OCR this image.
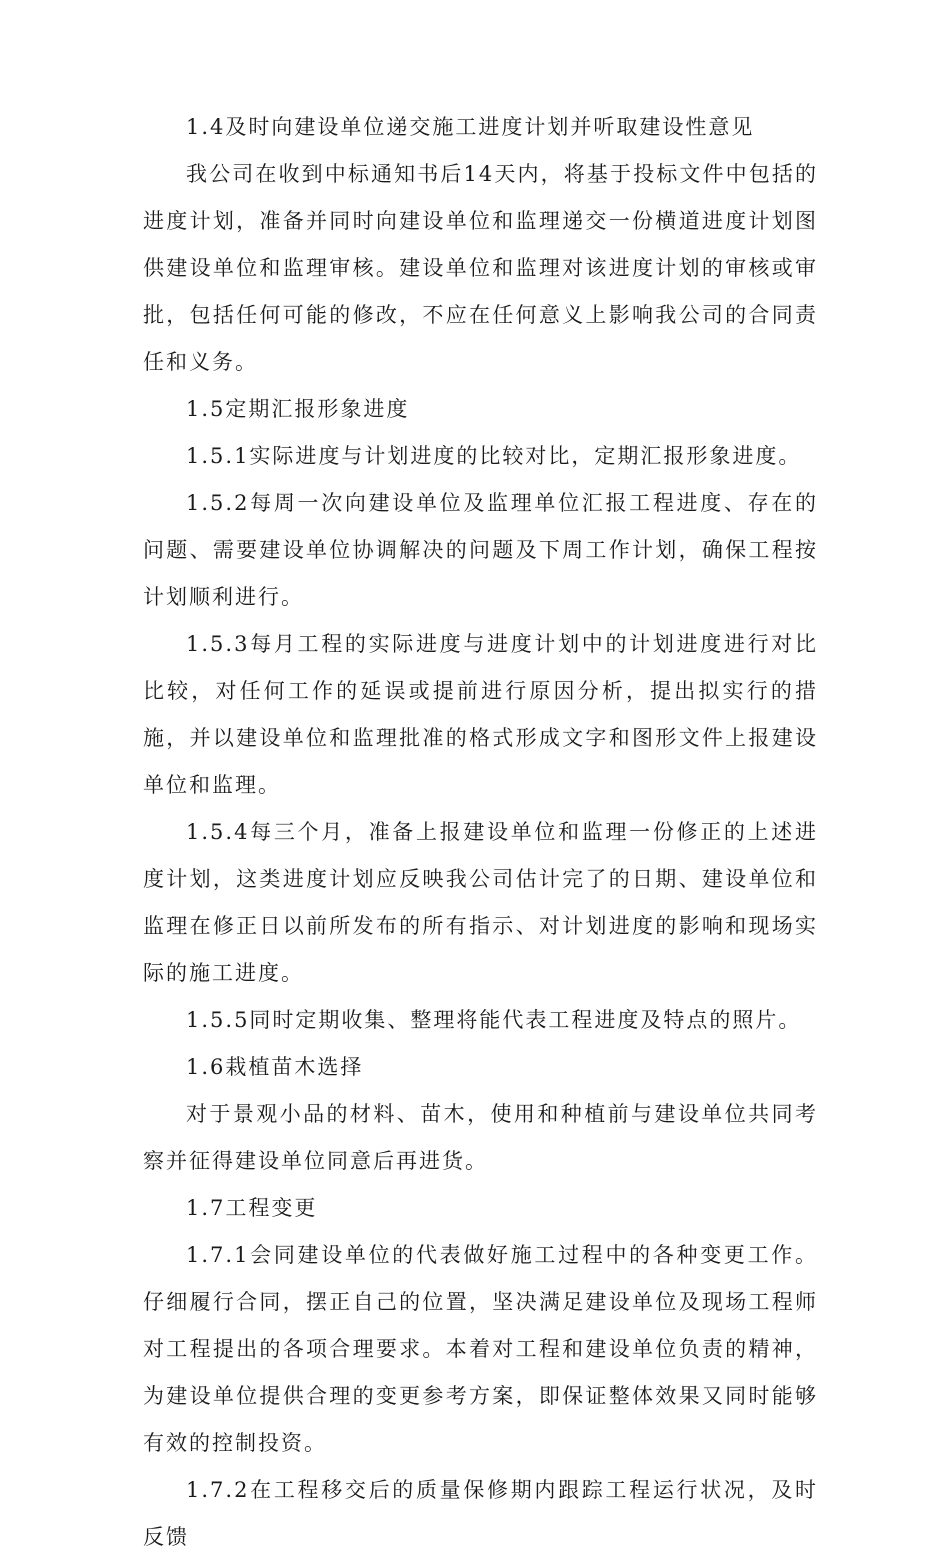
1.4及时向建设单位递交施工进度计划并听取建设性意见

我公司在收到中标通知书后14天内，将基于投标文件中包括的进度计划，准备并同时向建设单位和监理递交一份横道进度计划图供建设单位和监理审核。建设单位和监理对该进度计划的审核或审批，包括任何可能的修改，不应在任何意义上影响我公司的合同责任和义务。

1.5定期汇报形象进度

1.5.1实际进度与计划进度的比较对比，定期汇报形象进度。

1.5.2每周一次向建设单位及监理单位汇报工程进度、存在的问题、需要建设单位协调解决的问题及下周工作计划，确保工程按计划顺利进行。

1.5.3每月工程的实际进度与进度计划中的计划进度进行对比比较，对任何工作的延误或提前进行原因分析，提出拟实行的措施，并以建设单位和监理批准的格式形成文字和图形文件上报建设单位和监理。

1.5.4每三个月，准备上报建设单位和监理一份修正的上述进度计划，这类进度计划应反映我公司估计完了的日期、建设单位和监理在修正日以前所发布的所有指示、对计划进度的影响和现场实际的施工进度。

1.5.5同时定期收集、整理将能代表工程进度及特点的照片。

1.6栽植苗木选择

对于景观小品的材料、苗木，使用和种植前与建设单位共同考察并征得建设单位同意后再进货。

1.7工程变更

1.7.1会同建设单位的代表做好施工过程中的各种变更工作。仔细履行合同，摆正自己的位置，坚决满足建设单位及现场工程师对工程提出的各项合理要求。本着对工程和建设单位负责的精神，为建设单位提供合理的变更参考方案，即保证整体效果又同时能够有效的控制投资。

1.7.2在工程移交后的质量保修期内跟踪工程运行状况，及时反馈
